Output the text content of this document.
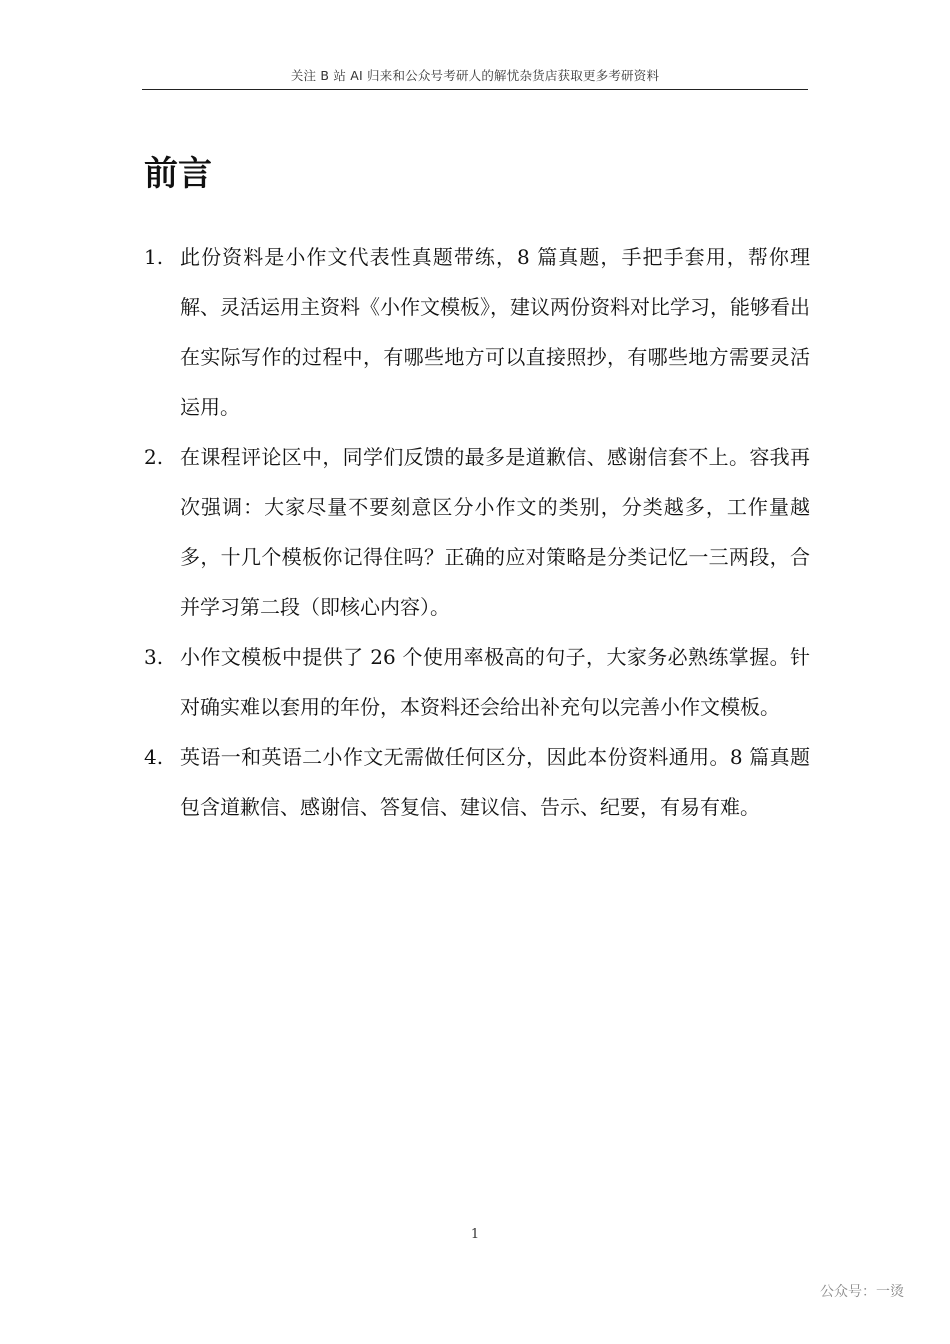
关注 B 站 AI 归来和公众号考研人的解忧杂货店获取更多考研资料
前言
1. 此份资料是小作文代表性真题带练，8 篇真题，手把手套用，帮你理解、灵活运用主资料《小作文模板》，建议两份资料对比学习，能够看出在实际写作的过程中，有哪些地方可以直接照抄，有哪些地方需要灵活运用。
2. 在课程评论区中，同学们反馈的最多是道歉信、感谢信套不上。容我再次强调：大家尽量不要刻意区分小作文的类别，分类越多，工作量越多，十几个模板你记得住吗？正确的应对策略是分类记忆一三两段，合并学习第二段（即核心内容）。
3. 小作文模板中提供了 26 个使用率极高的句子，大家务必熟练掌握。针对确实难以套用的年份，本资料还会给出补充句以完善小作文模板。
4. 英语一和英语二小作文无需做任何区分，因此本份资料通用。8 篇真题包含道歉信、感谢信、答复信、建议信、告示、纪要，有易有难。
1
公众号：一烫
